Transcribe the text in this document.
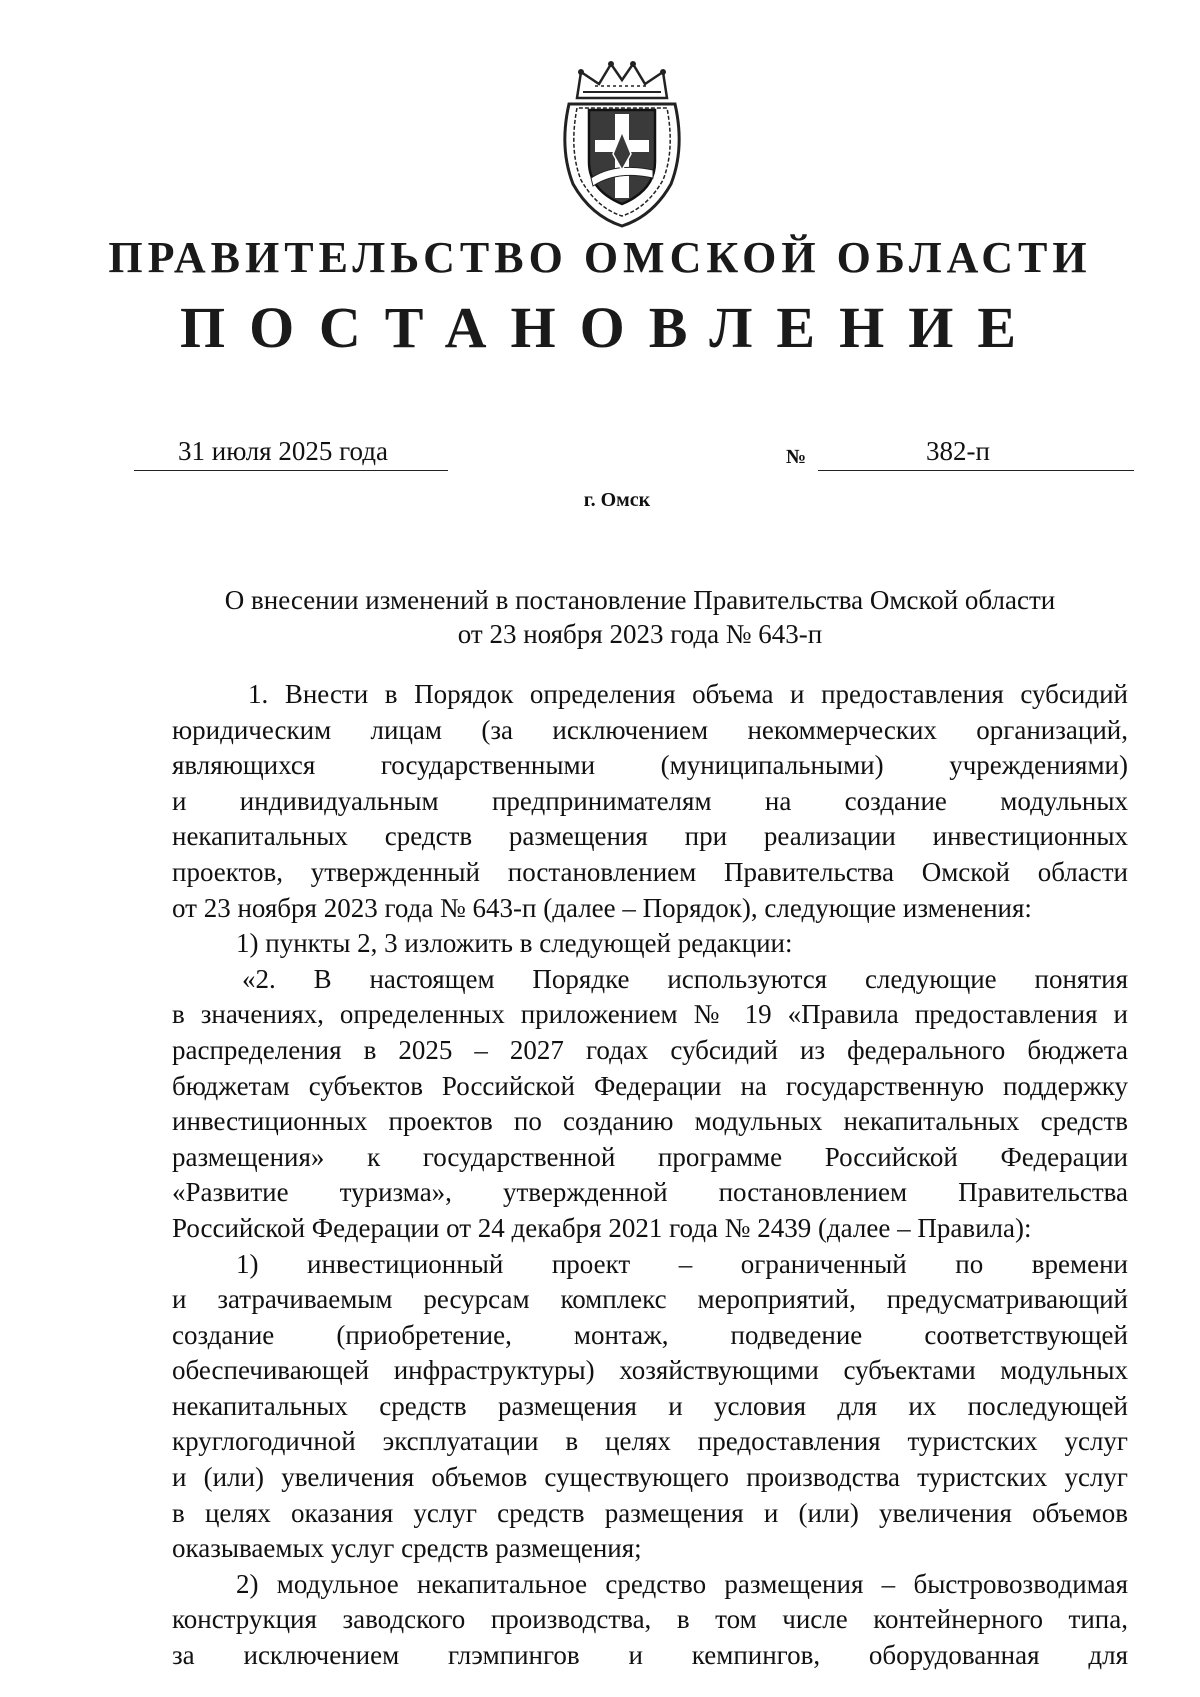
ПРАВИТЕЛЬСТВО ОМСКОЙ ОБЛАСТИ
ПОСТАНОВЛЕНИЕ
31 июля 2025 года	№	382-п
г. Омск
О внесении изменений в постановление Правительства Омской области
от 23 ноября 2023 года № 643-п
1. Внести в Порядок определения объема и предоставления субсидий
юридическим лицам (за исключением некоммерческих организаций,
являющихся государственными (муниципальными) учреждениями)
и индивидуальным предпринимателям на создание модульных
некапитальных средств размещения при реализации инвестиционных
проектов, утвержденный постановлением Правительства Омской области
от 23 ноября 2023 года № 643-п (далее – Порядок), следующие изменения:
1) пункты 2, 3 изложить в следующей редакции:
«2. В настоящем Порядке используются следующие понятия
в значениях, определенных приложением № 19 «Правила предоставления и
распределения в 2025 – 2027 годах субсидий из федерального бюджета
бюджетам субъектов Российской Федерации на государственную поддержку
инвестиционных проектов по созданию модульных некапитальных средств
размещения» к государственной программе Российской Федерации
«Развитие туризма», утвержденной постановлением Правительства
Российской Федерации от 24 декабря 2021 года № 2439 (далее – Правила):
1) инвестиционный проект – ограниченный по времени
и затрачиваемым ресурсам комплекс мероприятий, предусматривающий
создание (приобретение, монтаж, подведение соответствующей
обеспечивающей инфраструктуры) хозяйствующими субъектами модульных
некапитальных средств размещения и условия для их последующей
круглогодичной эксплуатации в целях предоставления туристских услуг
и (или) увеличения объемов существующего производства туристских услуг
в целях оказания услуг средств размещения и (или) увеличения объемов
оказываемых услуг средств размещения;
2) модульное некапитальное средство размещения – быстровозводимая
конструкция заводского производства, в том числе контейнерного типа,
за исключением глэмпингов и кемпингов, оборудованная для
